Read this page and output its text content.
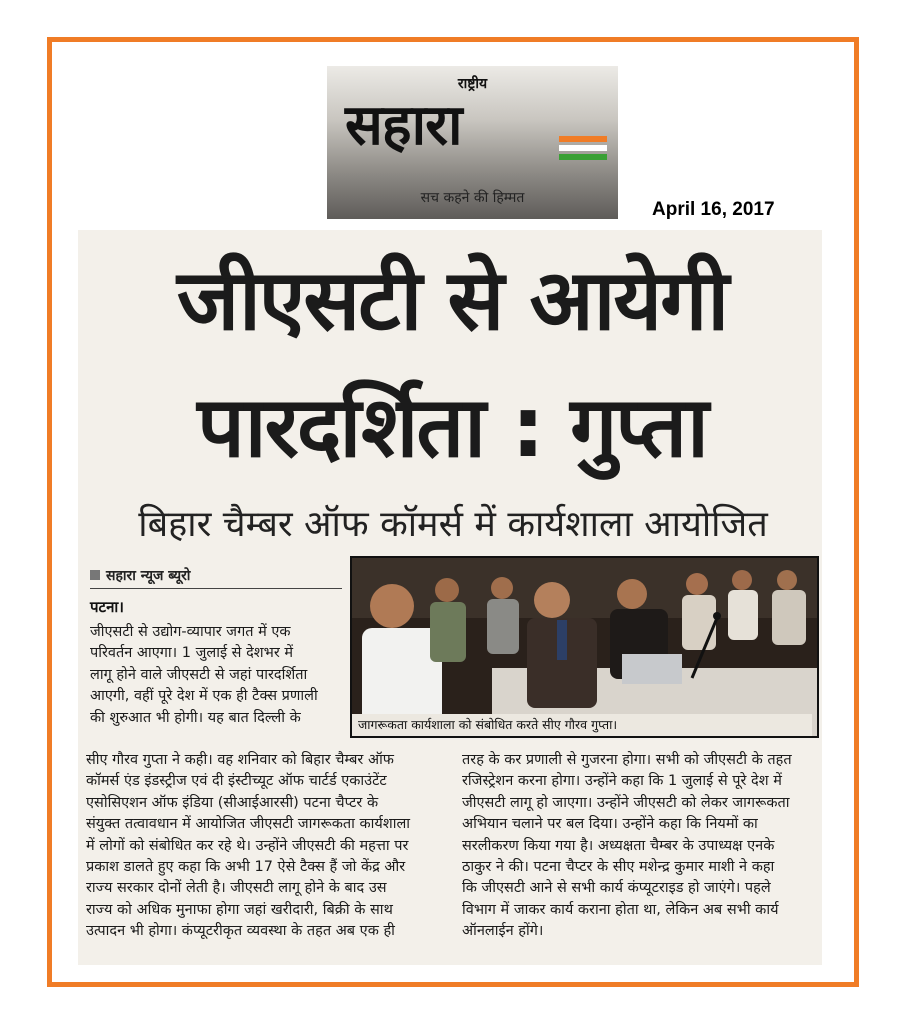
राष्ट्रीय
सहारा
सच कहने की हिम्मत
April 16, 2017
जीएसटी से आयेगी
पारदर्शिता : गुप्ता
बिहार चैम्बर ऑफ कॉमर्स में कार्यशाला आयोजित
सहारा न्यूज ब्यूरो
पटना।
जीएसटी से उद्योग-व्यापार जगत में एक
परिवर्तन आएगा। 1 जुलाई से देशभर में
लागू होने वाले जीएसटी से जहां पारदर्शिता
आएगी, वहीं पूरे देश में एक ही टैक्स प्रणाली
की शुरुआत भी होगी। यह बात दिल्ली के	जागरूकता कार्यशाला को संबोधित करते सीए गौरव गुप्ता।
सीए गौरव गुप्ता ने कही। वह शनिवार को बिहार चैम्बर ऑफ
कॉमर्स एंड इंडस्ट्रीज एवं दी इंस्टीच्यूट ऑफ चार्टर्ड एकाउंटेंट
एसोसिएशन ऑफ इंडिया (सीआईआरसी) पटना चैप्टर के
संयुक्त तत्वावधान में आयोजित जीएसटी जागरूकता कार्यशाला
में लोगों को संबोधित कर रहे थे। उन्होंने जीएसटी की महत्ता पर
प्रकाश डालते हुए कहा कि अभी 17 ऐसे टैक्स हैं जो केंद्र और
राज्य सरकार दोनों लेती है। जीएसटी लागू होने के बाद उस
राज्य को अधिक मुनाफा होगा जहां खरीदारी, बिक्री के साथ
उत्पादन भी होगा। कंप्यूटरीकृत व्यवस्था के तहत अब एक ही
तरह के कर प्रणाली से गुजरना होगा। सभी को जीएसटी के तहत
रजिस्ट्रेशन करना होगा। उन्होंने कहा कि 1 जुलाई से पूरे देश में
जीएसटी लागू हो जाएगा। उन्होंने जीएसटी को लेकर जागरूकता
अभियान चलाने पर बल दिया। उन्होंने कहा कि नियमों का
सरलीकरण किया गया है। अध्यक्षता चैम्बर के उपाध्यक्ष एनके
ठाकुर ने की। पटना चैप्टर के सीए मशेन्द्र कुमार माशी ने कहा
कि जीएसटी आने से सभी कार्य कंप्यूटराइड हो जाएंगे। पहले
विभाग में जाकर कार्य कराना होता था, लेकिन अब सभी कार्य
ऑनलाईन होंगे।
